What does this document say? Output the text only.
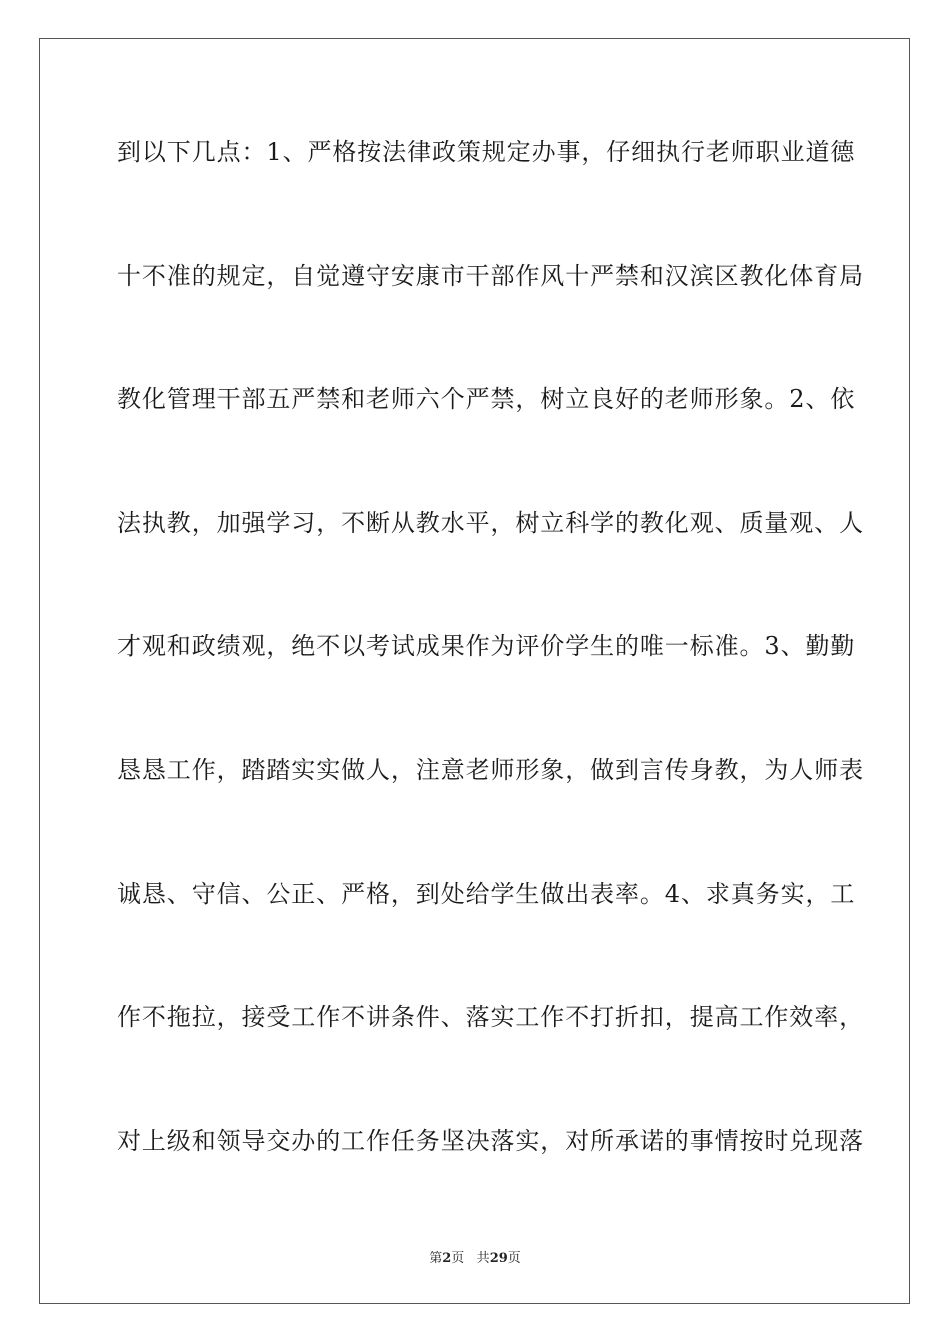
到以下几点：1、严格按法律政策规定办事，仔细执行老师职业道德
十不准的规定，自觉遵守安康市干部作风十严禁和汉滨区教化体育局
教化管理干部五严禁和老师六个严禁，树立良好的老师形象。2、依
法执教，加强学习，不断从教水平，树立科学的教化观、质量观、人
才观和政绩观，绝不以考试成果作为评价学生的唯一标准。3、勤勤
恳恳工作，踏踏实实做人，注意老师形象，做到言传身教，为人师表
诚恳、守信、公正、严格，到处给学生做出表率。4、求真务实，工
作不拖拉，接受工作不讲条件、落实工作不打折扣，提高工作效率，
对上级和领导交办的工作任务坚决落实，对所承诺的事情按时兑现落
第2页 共29页
